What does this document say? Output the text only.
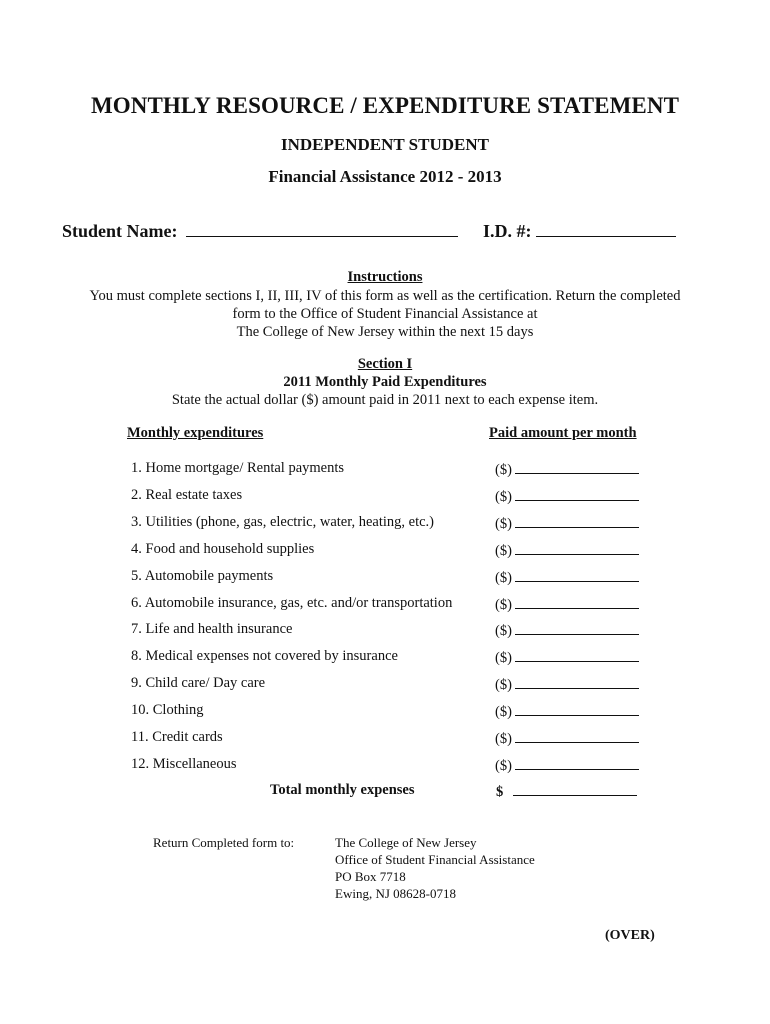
MONTHLY RESOURCE / EXPENDITURE STATEMENT
INDEPENDENT STUDENT
Financial Assistance 2012 - 2013
Student Name:	I.D. #:
Instructions
You must complete sections I, II, III, IV of this form as well as the certification. Return the completed
form to the Office of Student Financial Assistance at
The College of New Jersey within the next 15 days
Section I
2011 Monthly Paid Expenditures
State the actual dollar ($) amount paid in 2011 next to each expense item.
Monthly expenditures	Paid amount per month
1. Home mortgage/ Rental payments	($)
2. Real estate taxes	($)
3. Utilities (phone, gas, electric, water, heating, etc.)	($)
4. Food and household supplies	($)
5. Automobile payments	($)
6. Automobile insurance, gas, etc. and/or transportation	($)
7. Life and health insurance	($)
8. Medical expenses not covered by insurance	($)
9. Child care/ Day care	($)
10. Clothing	($)
11. Credit cards	($)
12. Miscellaneous	($)
Total monthly expenses	$
Return Completed form to:	The College of New Jersey
Office of Student Financial Assistance
PO Box 7718
Ewing, NJ 08628-0718
(OVER)
